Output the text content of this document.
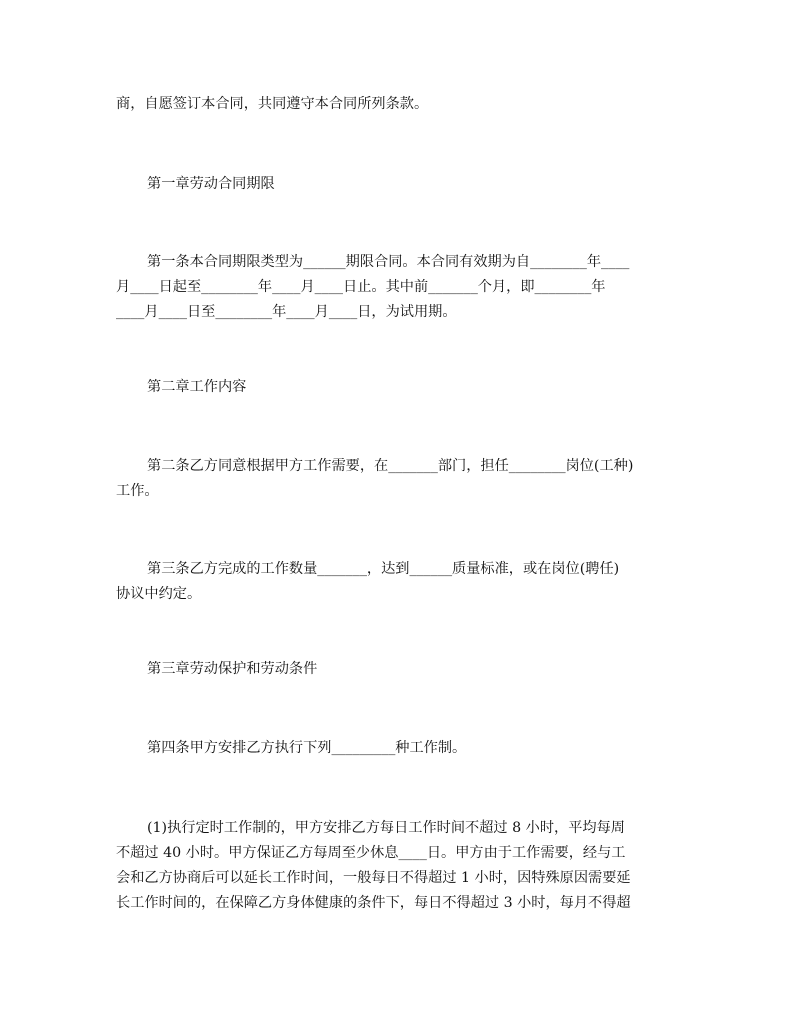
商，自愿签订本合同，共同遵守本合同所列条款。

第一章劳动合同期限

第一条本合同期限类型为______期限合同。本合同有效期为自________年____
月____日起至________年____月____日止。其中前_______个月，即________年
____月____日至________年____月____日，为试用期。

第二章工作内容

第二条乙方同意根据甲方工作需要，在_______部门，担任________岗位(工种)
工作。
第三条乙方完成的工作数量_______，达到______质量标准，或在岗位(聘任)
协议中约定。

第三章劳动保护和劳动条件

第四条甲方安排乙方执行下列_________种工作制。

(1)执行定时工作制的，甲方安排乙方每日工作时间不超过 8 小时，平均每周
不超过 40 小时。甲方保证乙方每周至少休息____日。甲方由于工作需要，经与工
会和乙方协商后可以延长工作时间，一般每日不得超过 1 小时，因特殊原因需要延
长工作时间的，在保障乙方身体健康的条件下，每日不得超过 3 小时，每月不得超
